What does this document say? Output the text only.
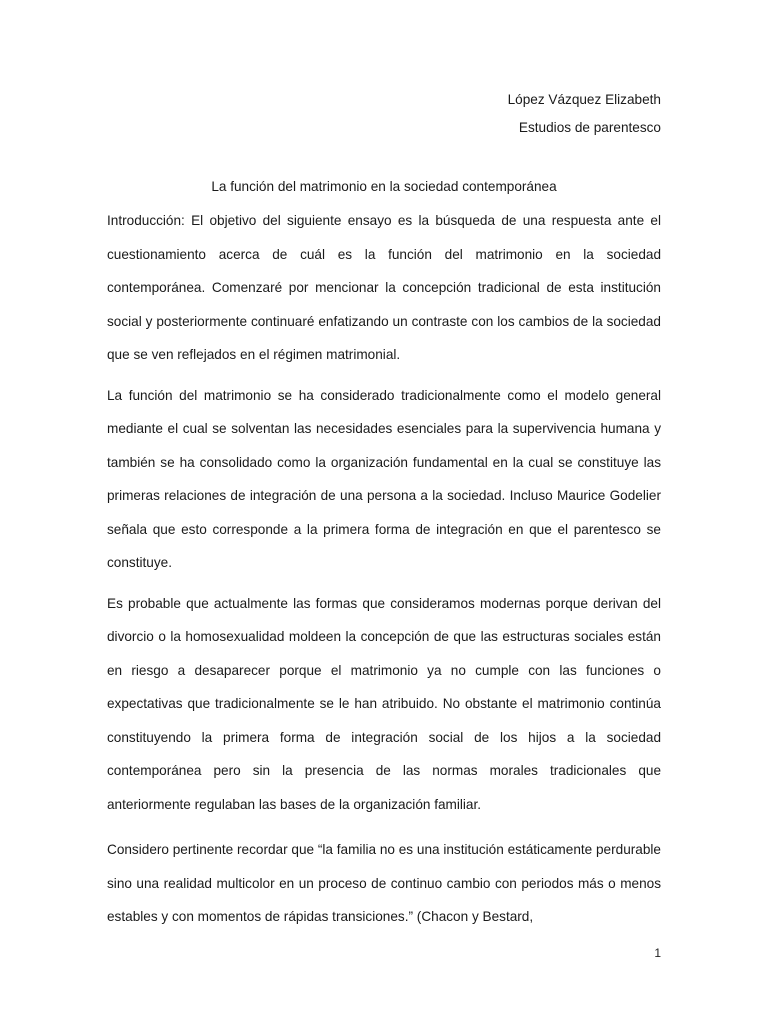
López Vázquez Elizabeth
Estudios de parentesco
La función del matrimonio en la sociedad contemporánea

Introducción: El objetivo del siguiente ensayo es la búsqueda de una respuesta ante el cuestionamiento acerca de cuál es la función del matrimonio en la sociedad contemporánea. Comenzaré por mencionar la concepción tradicional de esta institución social y posteriormente continuaré enfatizando un contraste con los cambios de la sociedad que se ven reflejados en el régimen matrimonial.

La función del matrimonio se ha considerado tradicionalmente como el modelo general mediante el cual se solventan las necesidades esenciales para la supervivencia humana y también se ha consolidado como la organización fundamental en la cual se constituye las primeras relaciones de integración de una persona a la sociedad. Incluso Maurice Godelier señala que esto corresponde a la primera forma de integración en que el parentesco se constituye.

Es probable que actualmente las formas que consideramos modernas porque derivan del divorcio o la homosexualidad moldeen la concepción de que las estructuras sociales están en riesgo a desaparecer porque el matrimonio ya no cumple con las funciones o expectativas que tradicionalmente se le han atribuido. No obstante el matrimonio continúa constituyendo la primera forma de integración social de los hijos a la sociedad contemporánea pero sin la presencia de las normas morales tradicionales que anteriormente regulaban las bases de la organización familiar.

Considero pertinente recordar que “la familia no es una institución estáticamente perdurable sino una realidad multicolor en un proceso de continuo cambio con periodos más o menos estables y con momentos de rápidas transiciones.” (Chacon y Bestard,

1
